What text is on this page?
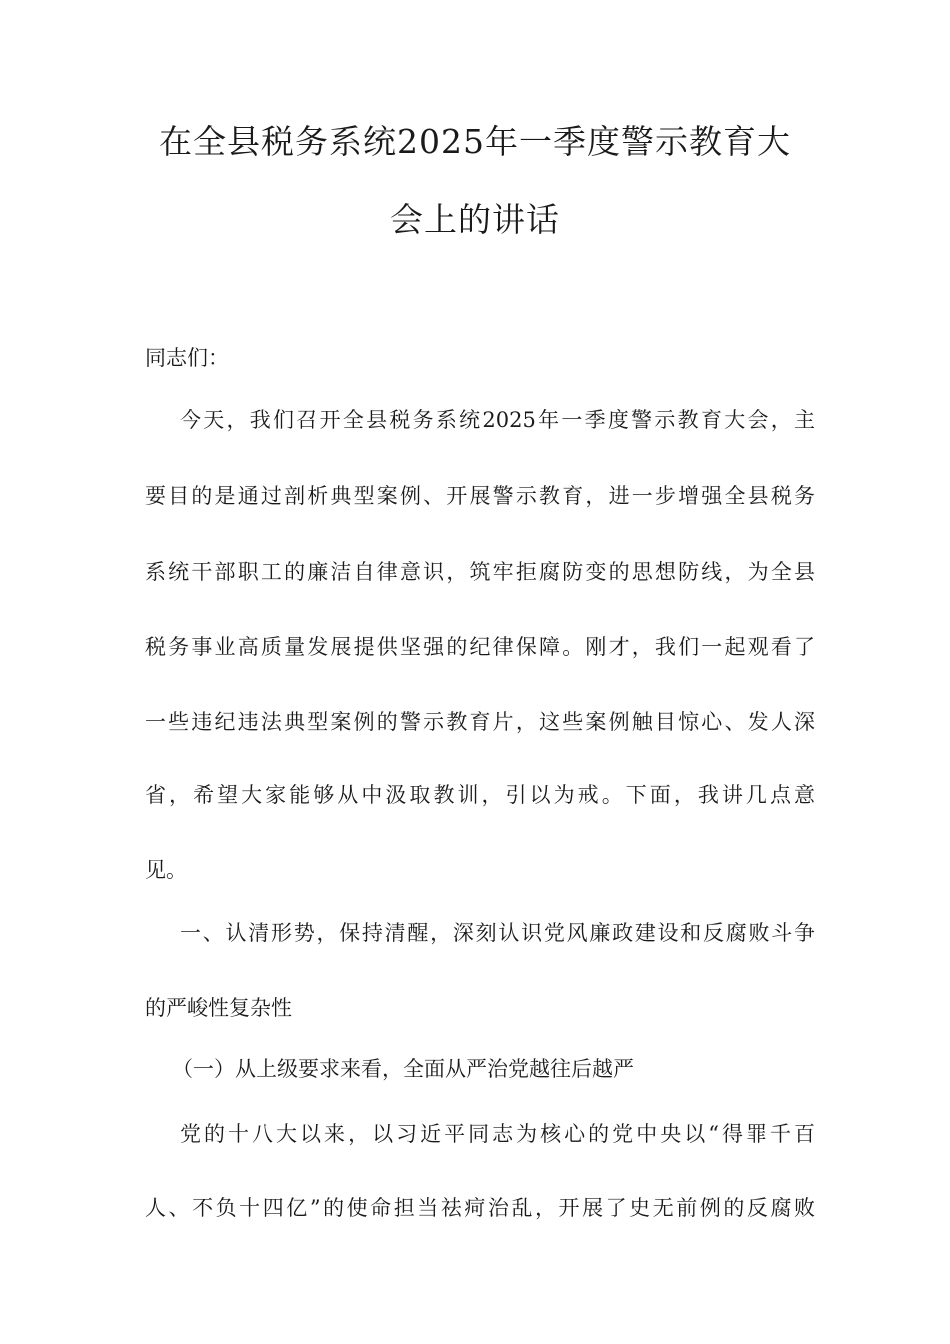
在全县税务系统2025年一季度警示教育大
会上的讲话
同志们：
今天，我们召开全县税务系统2025年一季度警示教育大会，主
要目的是通过剖析典型案例、开展警示教育，进一步增强全县税务
系统干部职工的廉洁自律意识，筑牢拒腐防变的思想防线，为全县
税务事业高质量发展提供坚强的纪律保障。刚才，我们一起观看了
一些违纪违法典型案例的警示教育片，这些案例触目惊心、发人深
省，希望大家能够从中汲取教训，引以为戒。下面，我讲几点意
见。
一、认清形势，保持清醒，深刻认识党风廉政建设和反腐败斗争
的严峻性复杂性
（一）从上级要求来看，全面从严治党越往后越严
党的十八大以来，以习近平同志为核心的党中央以“得罪千百
人、不负十四亿”的使命担当祛疴治乱，开展了史无前例的反腐败
